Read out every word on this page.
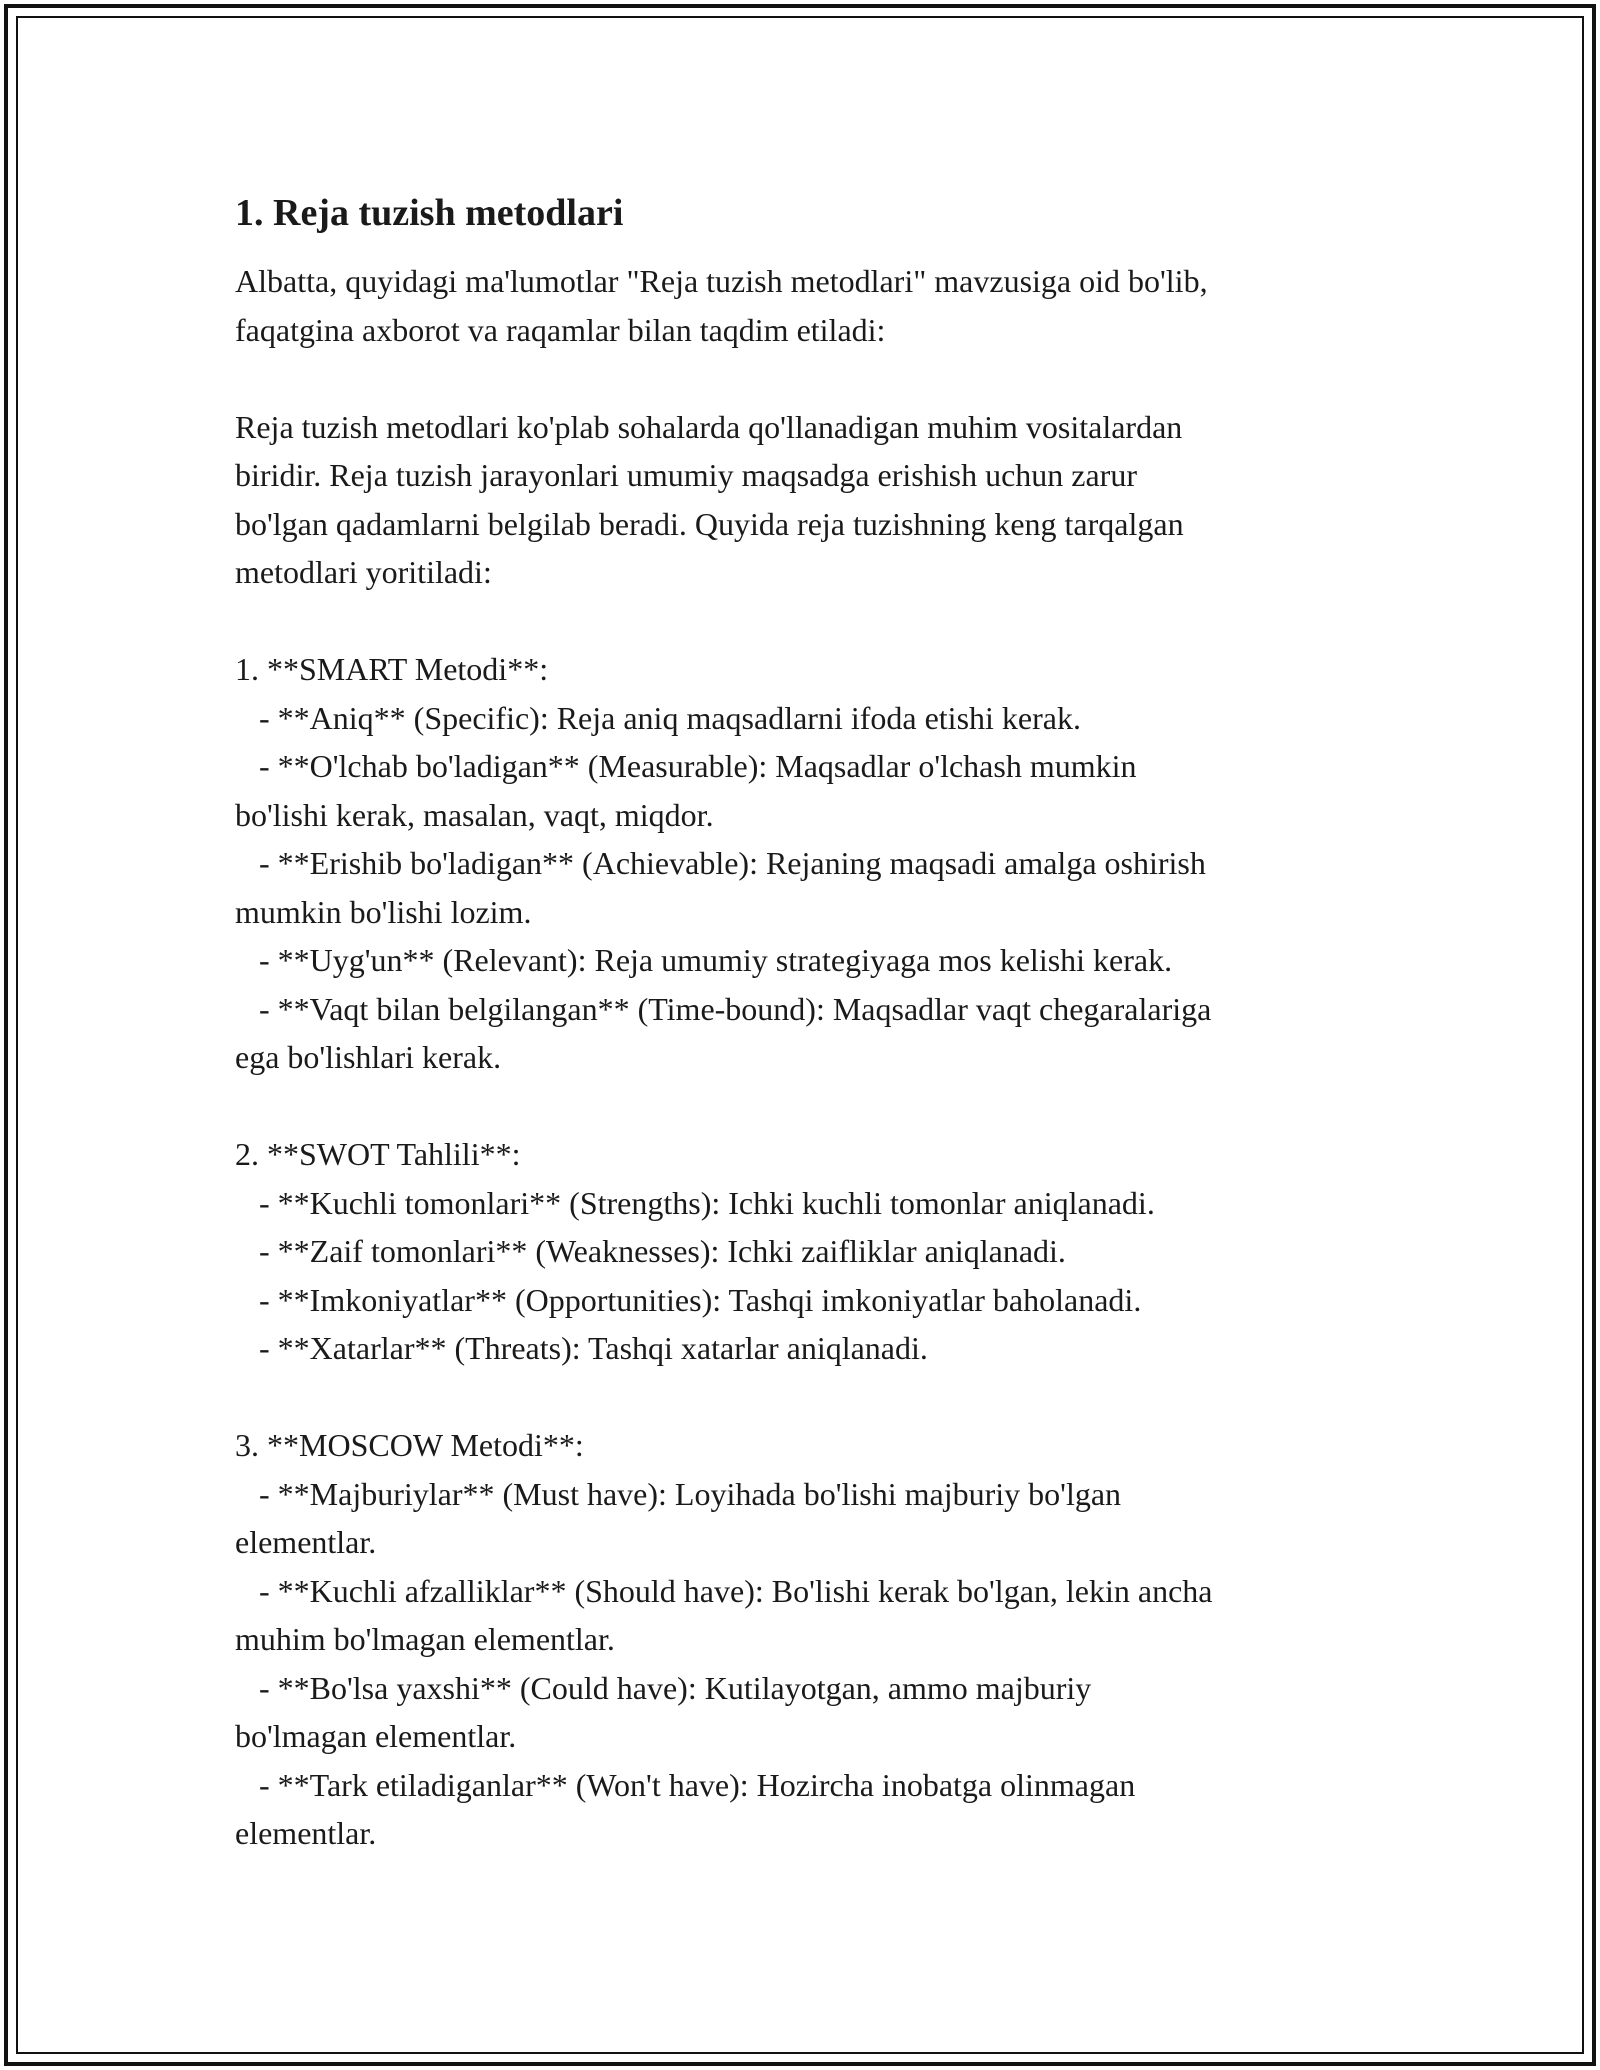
1. Reja tuzish metodlari

Albatta, quyidagi ma'lumotlar "Reja tuzish metodlari" mavzusiga oid bo'lib,

faqatgina axborot va raqamlar bilan taqdim etiladi:

Reja tuzish metodlari ko'plab sohalarda qo'llanadigan muhim vositalardan

biridir. Reja tuzish jarayonlari umumiy maqsadga erishish uchun zarur

bo'lgan qadamlarni belgilab beradi. Quyida reja tuzishning keng tarqalgan

metodlari yoritiladi:

1. **SMART Metodi**:

- **Aniq** (Specific): Reja aniq maqsadlarni ifoda etishi kerak.

- **O'lchab bo'ladigan** (Measurable): Maqsadlar o'lchash mumkin

bo'lishi kerak, masalan, vaqt, miqdor.

- **Erishib bo'ladigan** (Achievable): Rejaning maqsadi amalga oshirish

mumkin bo'lishi lozim.

- **Uyg'un** (Relevant): Reja umumiy strategiyaga mos kelishi kerak.

- **Vaqt bilan belgilangan** (Time-bound): Maqsadlar vaqt chegaralariga

ega bo'lishlari kerak.

2. **SWOT Tahlili**:

- **Kuchli tomonlari** (Strengths): Ichki kuchli tomonlar aniqlanadi.

- **Zaif tomonlari** (Weaknesses): Ichki zaifliklar aniqlanadi.

- **Imkoniyatlar** (Opportunities): Tashqi imkoniyatlar baholanadi.

- **Xatarlar** (Threats): Tashqi xatarlar aniqlanadi.

3. **MOSCOW Metodi**:

- **Majburiylar** (Must have): Loyihada bo'lishi majburiy bo'lgan

elementlar.

- **Kuchli afzalliklar** (Should have): Bo'lishi kerak bo'lgan, lekin ancha

muhim bo'lmagan elementlar.

- **Bo'lsa yaxshi** (Could have): Kutilayotgan, ammo majburiy

bo'lmagan elementlar.

- **Tark etiladiganlar** (Won't have): Hozircha inobatga olinmagan

elementlar.
